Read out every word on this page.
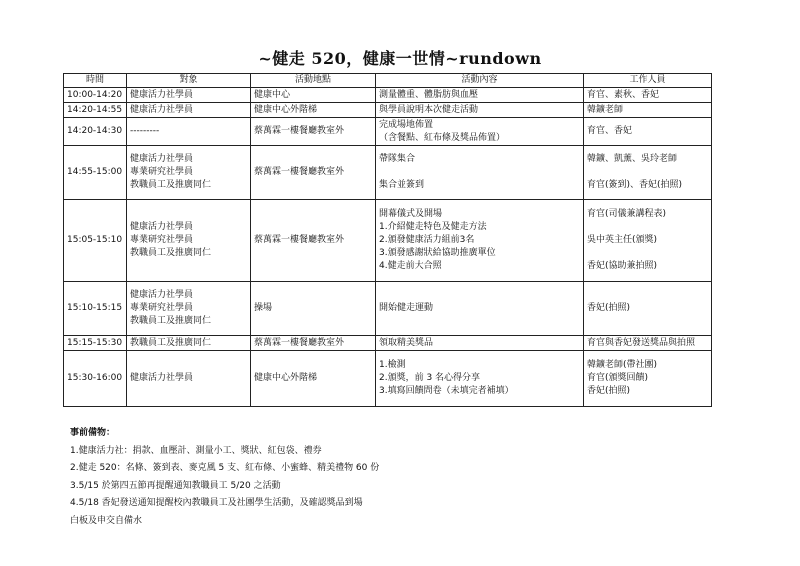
~健走 520，健康一世情~rundown
時間	對象	活動地點	活動內容	工作人員

10:00-14:20	健康活力社學員	健康中心	測量體重、體脂肪與血壓	育官、素秋、香妃

14:20-14:55	健康活力社學員	健康中心外階梯	與學員說明本次健走活動	韓鑛老師

14:20-14:30	---------	蔡萬霖一樓餐廳教室外	完成場地佈置
（含餐點、紅布條及獎品佈置）	育官、香妃

14:55-15:00	健康活力社學員
專業研究社學員
教職員工及推廣同仁	蔡萬霖一樓餐廳教室外	帶隊集合

集合並簽到	韓鑛、凱薰、吳玲老師

育官(簽到)、香妃(拍照)

15:05-15:10	健康活力社學員
專業研究社學員
教職員工及推廣同仁	蔡萬霖一樓餐廳教室外	開幕儀式及開場
1.介紹健走特色及健走方法
2.頒發健康活力組前3名
3.頒發感謝狀給協助推廣單位
4.健走前大合照	育官(司儀兼講程表)

吳中英主任(頒獎)

香妃(協助兼拍照)

15:10-15:15	健康活力社學員
專業研究社學員
教職員工及推廣同仁	操場	開始健走運動	香妃(拍照)

15:15-15:30	教職員工及推廣同仁	蔡萬霖一樓餐廳教室外	領取精美獎品	育官與香妃發送獎品與拍照

15:30-16:00	健康活力社學員	健康中心外階梯	1.檢測
2.頒獎，前 3 名心得分享
3.填寫回饋問卷（未填完者補填）	韓鑛老師(帶社團)
育官(頒獎回饋)
香妃(拍照)
事前備物：
1.健康活力社：捐款、血壓計、測量小工、獎狀、紅包袋、禮券
2.健走 520：名條、簽到表、麥克風 5 支、紅布條、小蜜蜂、精美禮物 60 份
3.5/15 於第四五節再提醒通知教職員工 5/20 之活動
4.5/18 香妃發送通知提醒校內教職員工及社團學生活動，及確認獎品到場
白板及申交自備水
